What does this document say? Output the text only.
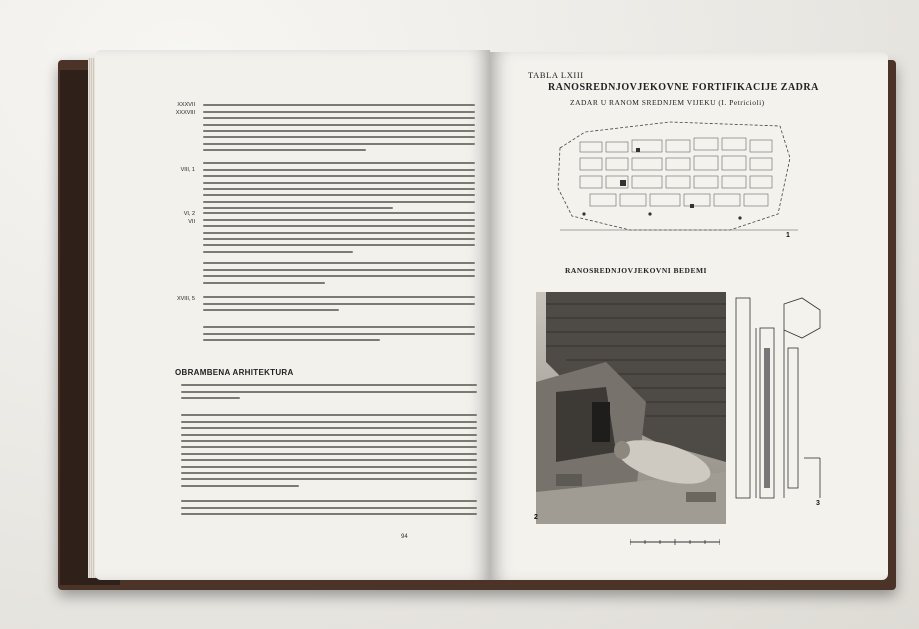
XXXVII
XXXVIII
VIII, 1
VI, 2
VII
XVIII, 5
OBRAMBENA ARHITEKTURA
94
TABLA LXIII
RANOSREDNJOVJEKOVNE FORTIFIKACIJE ZADRA
ZADAR U RANOM SREDNJEM VIJEKU (I. Petricioli)
1
RANOSREDNJOVJEKOVNI BEDEMI
2
3
